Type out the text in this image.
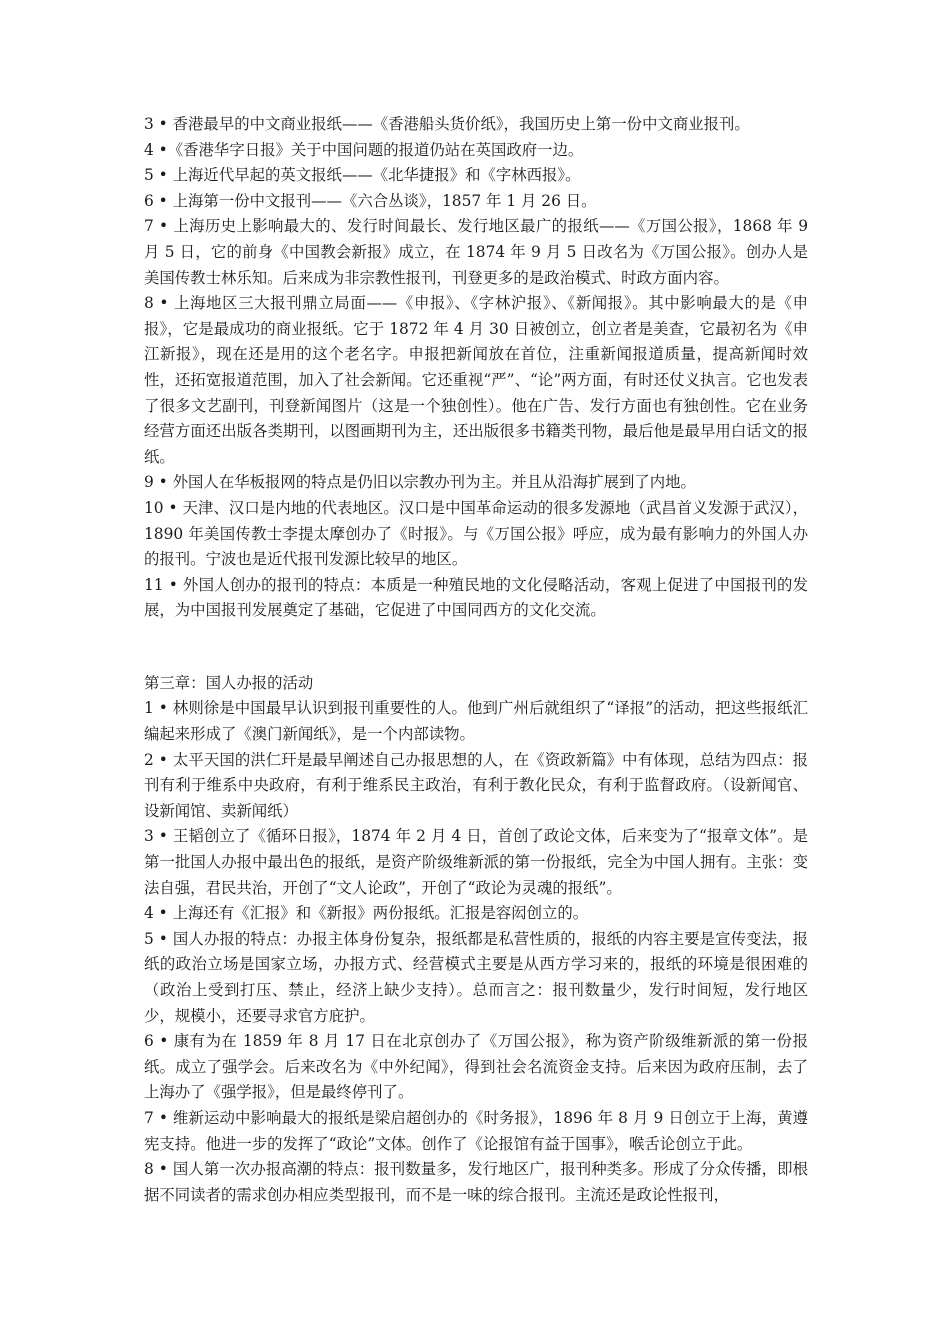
3 • 香港最早的中文商业报纸——《香港船头货价纸》，我国历史上第一份中文商业报刊。

4 •《香港华字日报》关于中国问题的报道仍站在英国政府一边。

5 • 上海近代早起的英文报纸——《北华捷报》和《字林西报》。

6 • 上海第一份中文报刊——《六合丛谈》，1857 年 1 月 26 日。

7 • 上海历史上影响最大的、发行时间最长、发行地区最广的报纸——《万国公报》，1868 年 9 月 5 日，它的前身《中国教会新报》成立，在 1874 年 9 月 5 日改名为《万国公报》。创办人是美国传教士林乐知。后来成为非宗教性报刊，刊登更多的是政治模式、时政方面内容。

8 • 上海地区三大报刊鼎立局面——《申报》、《字林沪报》、《新闻报》。其中影响最大的是《申报》，它是最成功的商业报纸。它于 1872 年 4 月 30 日被创立，创立者是美查，它最初名为《申江新报》，现在还是用的这个老名字。申报把新闻放在首位，注重新闻报道质量，提高新闻时效性，还拓宽报道范围，加入了社会新闻。它还重视“严”、“论”两方面，有时还仗义执言。它也发表了很多文艺副刊，刊登新闻图片（这是一个独创性）。他在广告、发行方面也有独创性。它在业务经营方面还出版各类期刊，以图画期刊为主，还出版很多书籍类刊物，最后他是最早用白话文的报纸。

9 • 外国人在华板报网的特点是仍旧以宗教办刊为主。并且从沿海扩展到了内地。

10 • 天津、汉口是内地的代表地区。汉口是中国革命运动的很多发源地（武昌首义发源于武汉），1890 年美国传教士李提太摩创办了《时报》。与《万国公报》呼应，成为最有影响力的外国人办的报刊。宁波也是近代报刊发源比较早的地区。

11 • 外国人创办的报刊的特点：本质是一种殖民地的文化侵略活动，客观上促进了中国报刊的发展，为中国报刊发展奠定了基础，它促进了中国同西方的文化交流。

第三章：国人办报的活动

1 • 林则徐是中国最早认识到报刊重要性的人。他到广州后就组织了“译报”的活动，把这些报纸汇编起来形成了《澳门新闻纸》，是一个内部读物。

2 • 太平天国的洪仁玕是最早阐述自己办报思想的人，在《资政新篇》中有体现，总结为四点：报刊有利于维系中央政府，有利于维系民主政治，有利于教化民众，有利于监督政府。（设新闻官、设新闻馆、卖新闻纸）

3 • 王韬创立了《循环日报》，1874 年 2 月 4 日，首创了政论文体，后来变为了“报章文体”。是第一批国人办报中最出色的报纸，是资产阶级维新派的第一份报纸，完全为中国人拥有。主张：变法自强，君民共治，开创了“文人论政”，开创了“政论为灵魂的报纸”。

4 • 上海还有《汇报》和《新报》两份报纸。汇报是容闳创立的。

5 • 国人办报的特点：办报主体身份复杂，报纸都是私营性质的，报纸的内容主要是宣传变法，报纸的政治立场是国家立场，办报方式、经营模式主要是从西方学习来的，报纸的环境是很困难的（政治上受到打压、禁止，经济上缺少支持）。总而言之：报刊数量少，发行时间短，发行地区少，规模小，还要寻求官方庇护。

6 • 康有为在 1859 年 8 月 17 日在北京创办了《万国公报》，称为资产阶级维新派的第一份报纸。成立了强学会。后来改名为《中外纪闻》，得到社会名流资金支持。后来因为政府压制，去了上海办了《强学报》，但是最终停刊了。

7 • 维新运动中影响最大的报纸是梁启超创办的《时务报》，1896 年 8 月 9 日创立于上海，黄遵宪支持。他进一步的发挥了“政论”文体。创作了《论报馆有益于国事》，喉舌论创立于此。

8 • 国人第一次办报高潮的特点：报刊数量多，发行地区广，报刊种类多。形成了分众传播，即根据不同读者的需求创办相应类型报刊，而不是一味的综合报刊。主流还是政论性报刊，
